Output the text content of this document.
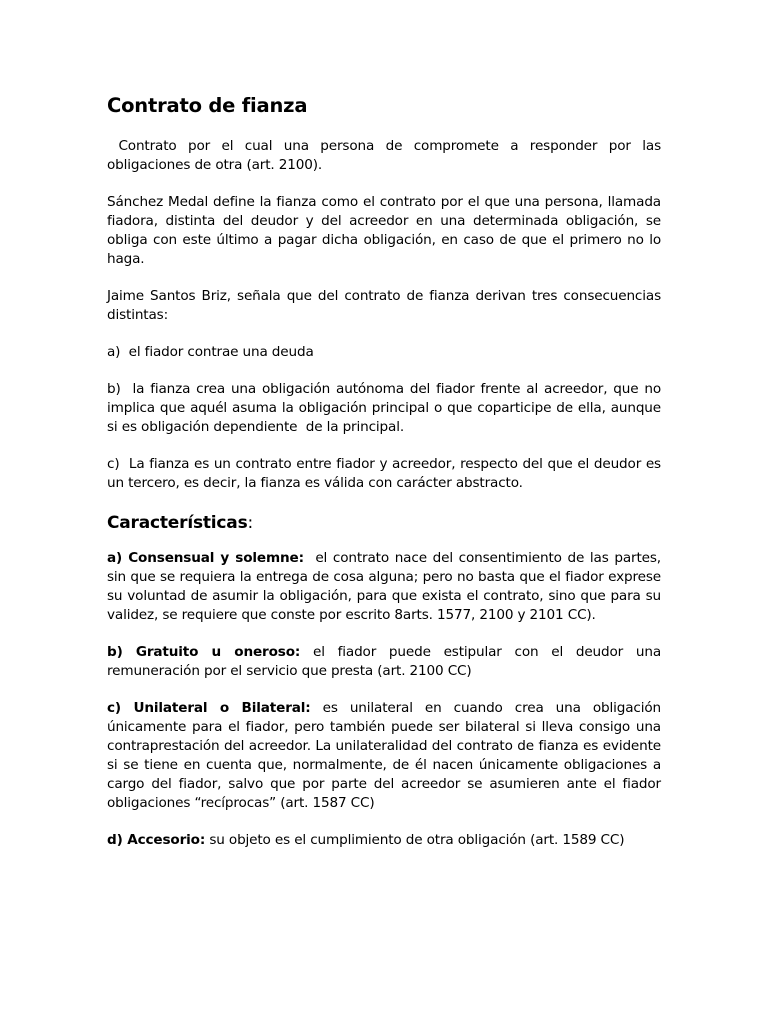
Contrato de fianza

Contrato por el cual una persona de compromete a responder por las obligaciones de otra (art. 2100).

Sánchez Medal define la fianza como el contrato por el que una persona, llamada fiadora, distinta del deudor y del acreedor en una determinada obligación, se obliga con este último a pagar dicha obligación, en caso de que el primero no lo haga.

Jaime Santos Briz, señala que del contrato de fianza derivan tres consecuencias distintas:

a)  el fiador contrae una deuda

b)  la fianza crea una obligación autónoma del fiador frente al acreedor, que no implica que aquél asuma la obligación principal o que coparticipe de ella, aunque si es obligación dependiente  de la principal.

c)  La fianza es un contrato entre fiador y acreedor, respecto del que el deudor es un tercero, es decir, la fianza es válida con carácter abstracto.

Características:

a) Consensual y solemne:  el contrato nace del consentimiento de las partes, sin que se requiera la entrega de cosa alguna; pero no basta que el fiador exprese su voluntad de asumir la obligación, para que exista el contrato, sino que para su validez, se requiere que conste por escrito 8arts. 1577, 2100 y 2101 CC).

b) Gratuito u oneroso: el fiador puede estipular con el deudor una remuneración por el servicio que presta (art. 2100 CC)

c) Unilateral o Bilateral: es unilateral en cuando crea una obligación únicamente para el fiador, pero también puede ser bilateral si lleva consigo una contraprestación del acreedor. La unilateralidad del contrato de fianza es evidente si se tiene en cuenta que, normalmente, de él nacen únicamente obligaciones a cargo del fiador, salvo que por parte del acreedor se asumieren ante el fiador obligaciones “recíprocas” (art. 1587 CC)

d) Accesorio: su objeto es el cumplimiento de otra obligación (art. 1589 CC)
